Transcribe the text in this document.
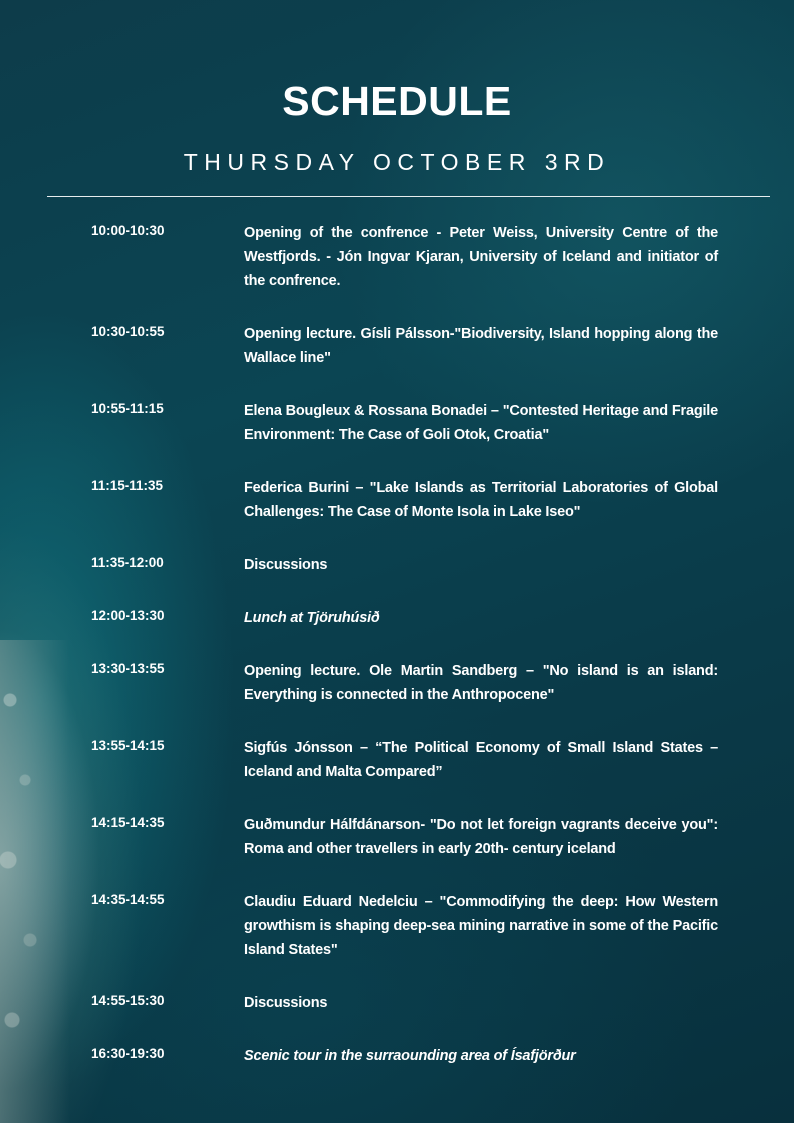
SCHEDULE
THURSDAY OCTOBER 3RD
10:00-10:30	Opening of the confrence - Peter Weiss, University Centre of the Westfjords. - Jón Ingvar Kjaran, University of Iceland and initiator of the confrence.
10:30-10:55	Opening lecture. Gísli Pálsson-"Biodiversity, Island hopping along the Wallace line"
10:55-11:15	Elena Bougleux & Rossana Bonadei – "Contested Heritage and Fragile Environment: The Case of Goli Otok, Croatia"
11:15-11:35	Federica Burini – "Lake Islands as Territorial Laboratories of Global Challenges: The Case of Monte Isola in Lake Iseo"
11:35-12:00	Discussions
12:00-13:30	Lunch at Tjöruhúsið
13:30-13:55	Opening lecture. Ole Martin Sandberg – "No island is an island: Everything is connected in the Anthropocene"
13:55-14:15	Sigfús Jónsson – “The Political Economy of Small Island States – Iceland and Malta Compared”
14:15-14:35	Guðmundur Hálfdánarson- "Do not let foreign vagrants deceive you": Roma and other travellers in early 20th- century iceland
14:35-14:55	Claudiu Eduard Nedelciu – "Commodifying the deep: How Western growthism is shaping deep-sea mining narrative in some of the Pacific Island States"
14:55-15:30	Discussions
16:30-19:30	Scenic tour in the surraounding area of Ísafjörður
